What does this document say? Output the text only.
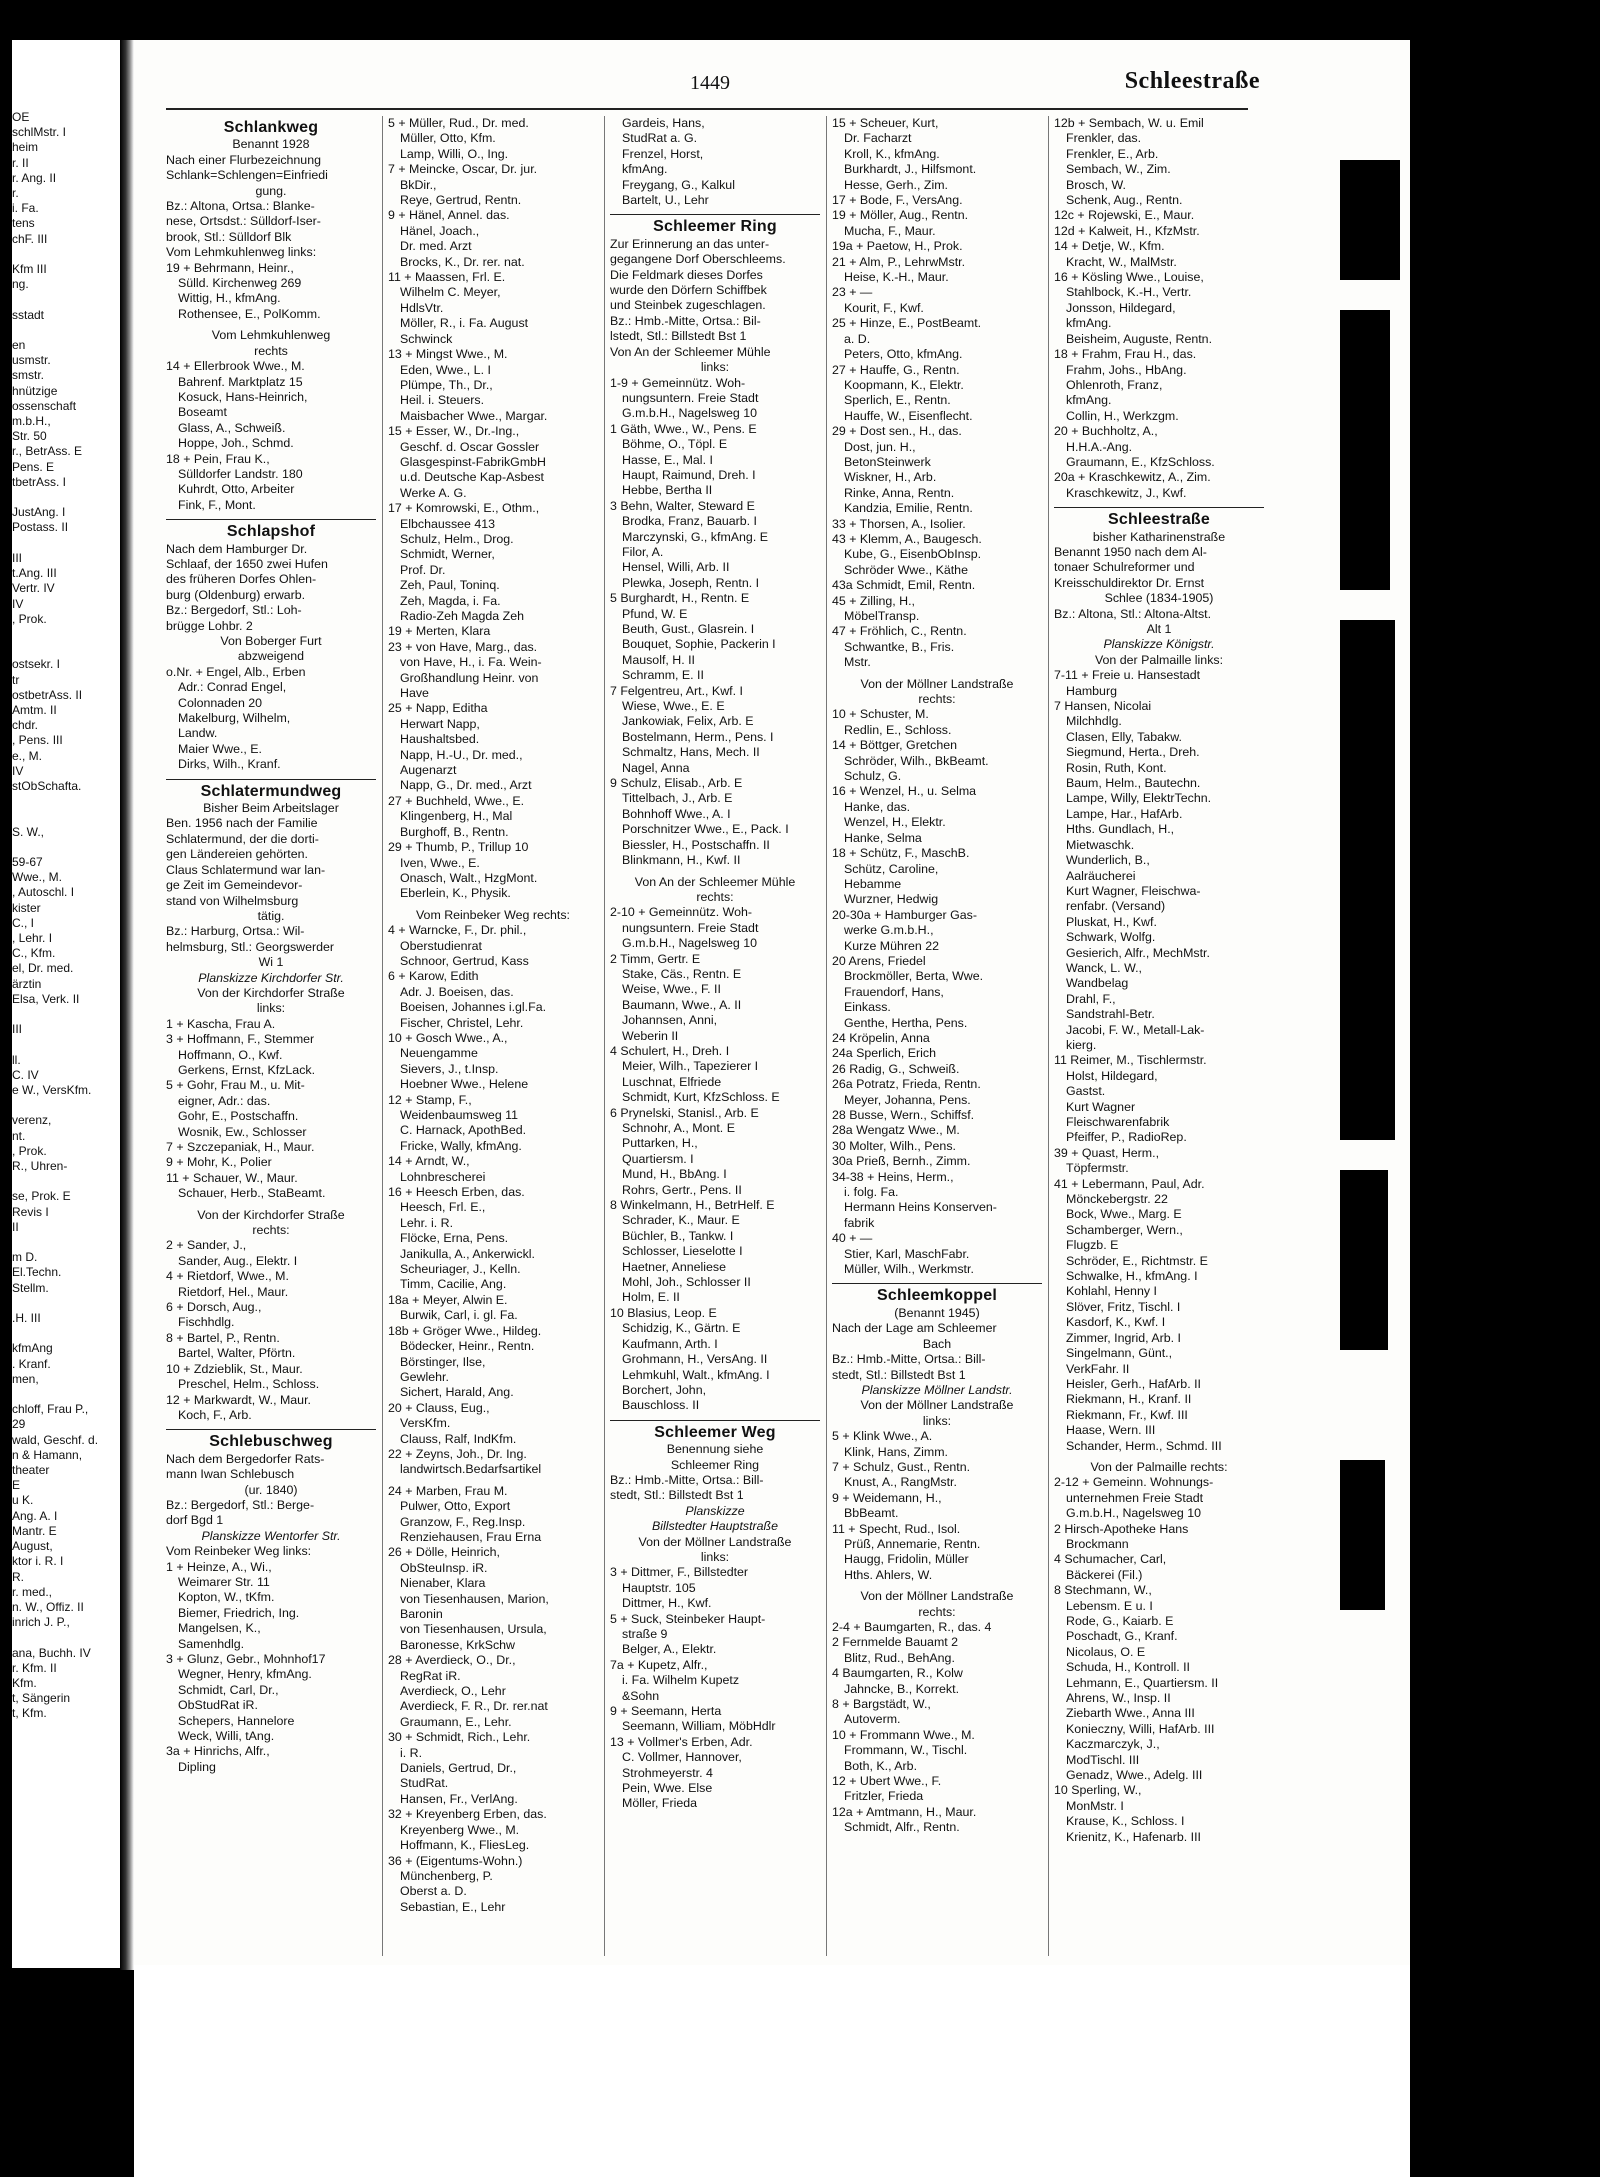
OE
schlMstr. I
heim
r. II
r. Ang. II
r.
i. Fa.
tens
chF. III

Kfm III
ng.

sstadt

en
usmstr.
smstr.
hnützige
ossenschaft
m.b.H.,
Str. 50
r., BetrAss. E
Pens. E
tbetrAss. I

JustAng. I
Postass. II

III
t.Ang. III
Vertr. IV
IV
, Prok.

ostsekr. I
tr
ostbetrAss. II
Amtm. II
chdr.
, Pens. III
e., M.
IV
stObSchafta.

S. W.,

59-67
Wwe., M.
, Autoschl. I
kister
C., I
, Lehr. I
C., Kfm.
el, Dr. med.
ärztin
Elsa, Verk. II

III

ll.
C. IV
e W., VersKfm.

verenz,
nt.
, Prok.
R., Uhren-

se, Prok. E
Revis I
II

m D.
El.Techn.
Stellm.

.H. III

kfmAng
. Kranf.
men,

chloff, Frau P.,
29
wald, Geschf. d.
n & Hamann,
theater
E
u K.
Ang. A. I
Mantr. E
August,
ktor i. R. I
R.
r. med.,
n. W., Offiz. II
inrich J. P.,

ana, Buchh. IV
r. Kfm. II
Kfm.
t, Sängerin
t, Kfm.
1449	Schleestraße
Schlankweg
Benannt 1928
Nach einer Flurbezeichnung
Schlank=Schlengen=Einfriedi
gung.
Bz.: Altona, Ortsa.: Blanke-
nese, Ortsdst.: Sülldorf-Iser-
brook, Stl.: Sülldorf Blk
Vom Lehmkuhlenweg links:
19 + Behrmann, Heinr.,
Sülld. Kirchenweg 269
Wittig, H., kfmAng.
Rothensee, E., PolKomm.
Vom Lehmkuhlenweg
rechts
14 + Ellerbrook Wwe., M.
Bahrenf. Marktplatz 15
Kosuck, Hans-Heinrich,
Boseamt
Glass, A., Schweiß.
Hoppe, Joh., Schmd.
18 + Pein, Frau K.,
Sülldorfer Landstr. 180
Kuhrdt, Otto, Arbeiter
Fink, F., Mont.
Schlapshof
Nach dem Hamburger Dr.
Schlaaf, der 1650 zwei Hufen
des früheren Dorfes Ohlen-
burg (Oldenburg) erwarb.
Bz.: Bergedorf, Stl.: Loh-
brügge Lohbr. 2
Von Boberger Furt
abzweigend
o.Nr. + Engel, Alb., Erben
Adr.: Conrad Engel,
Colonnaden 20
Makelburg, Wilhelm,
Landw.
Maier Wwe., E.
Dirks, Wilh., Kranf.
Schlatermundweg
Bisher Beim Arbeitslager
Ben. 1956 nach der Familie
Schlatermund, der die dorti-
gen Ländereien gehörten.
Claus Schlatermund war lan-
ge Zeit im Gemeindevor-
stand von Wilhelmsburg
tätig.
Bz.: Harburg, Ortsa.: Wil-
helmsburg, Stl.: Georgswerder
Wi 1
Planskizze Kirchdorfer Str.
Von der Kirchdorfer Straße
links:
1 + Kascha, Frau A.
3 + Hoffmann, F., Stemmer
Hoffmann, O., Kwf.
Gerkens, Ernst, KfzLack.
5 + Gohr, Frau M., u. Mit-
eigner, Adr.: das.
Gohr, E., Postschaffn.
Wosnik, Ew., Schlosser
7 + Szczepaniak, H., Maur.
9 + Mohr, K., Polier
11 + Schauer, W., Maur.
Schauer, Herb., StaBeamt.
Von der Kirchdorfer Straße
rechts:
2 + Sander, J.,
Sander, Aug., Elektr. I
4 + Rietdorf, Wwe., M.
Rietdorf, Hel., Maur.
6 + Dorsch, Aug.,
Fischhdlg.
8 + Bartel, P., Rentn.
Bartel, Walter, Pförtn.
10 + Zdzieblik, St., Maur.
Preschel, Helm., Schloss.
12 + Markwardt, W., Maur.
Koch, F., Arb.
Schlebuschweg
Nach dem Bergedorfer Rats-
mann Iwan Schlebusch
(ur. 1840)
Bz.: Bergedorf, Stl.: Berge-
dorf Bgd 1
Planskizze Wentorfer Str.
Vom Reinbeker Weg links:
1 + Heinze, A., Wi.,
Weimarer Str. 11
Kopton, W., tKfm.
Biemer, Friedrich, Ing.
Mangelsen, K.,
Samenhdlg.
3 + Glunz, Gebr., Mohnhof17
Wegner, Henry, kfmAng.
Schmidt, Carl, Dr.,
ObStudRat iR.
Schepers, Hannelore
Weck, Willi, tAng.
3a + Hinrichs, Alfr.,
Dipling
5 + Müller, Rud., Dr. med.
Müller, Otto, Kfm.
Lamp, Willi, O., Ing.
7 + Meincke, Oscar, Dr. jur.
BkDir.,
Reye, Gertrud, Rentn.
9 + Hänel, Annel. das.
Hänel, Joach.,
Dr. med. Arzt
Brocks, K., Dr. rer. nat.
11 + Maassen, Frl. E.
Wilhelm C. Meyer,
HdlsVtr.
Möller, R., i. Fa. August
Schwinck
13 + Mingst Wwe., M.
Eden, Wwe., L. I
Plümpe, Th., Dr.,
Heil. i. Steuers.
Maisbacher Wwe., Margar.
15 + Esser, W., Dr.-Ing.,
Geschf. d. Oscar Gossler
Glasgespinst-FabrikGmbH
u.d. Deutsche Kap-Asbest
Werke A. G.
17 + Komrowski, E., Othm.,
Elbchaussee 413
Schulz, Helm., Drog.
Schmidt, Werner,
Prof. Dr.
Zeh, Paul, Toninq.
Zeh, Magda, i. Fa.
Radio-Zeh Magda Zeh
19 + Merten, Klara
23 + von Have, Marg., das.
von Have, H., i. Fa. Wein-
Großhandlung Heinr. von
Have
25 + Napp, Editha
Herwart Napp,
Haushaltsbed.
Napp, H.-U., Dr. med.,
Augenarzt
Napp, G., Dr. med., Arzt
27 + Buchheld, Wwe., E.
Klingenberg, H., Mal
Burghoff, B., Rentn.
29 + Thumb, P., Trillup 10
Iven, Wwe., E.
Onasch, Walt., HzgMont.
Eberlein, K., Physik.
Vom Reinbeker Weg rechts:
4 + Warncke, F., Dr. phil.,
Oberstudienrat
Schnoor, Gertrud, Kass
6 + Karow, Edith
Adr. J. Boeisen, das.
Boeisen, Johannes i.gl.Fa.
Fischer, Christel, Lehr.
10 + Gosch Wwe., A.,
Neuengamme
Sievers, J., t.Insp.
Hoebner Wwe., Helene
12 + Stamp, F.,
Weidenbaumsweg 11
C. Harnack, ApothBed.
Fricke, Wally, kfmAng.
14 + Arndt, W.,
Lohnbrescherei
16 + Heesch Erben, das.
Heesch, Frl. E.,
Lehr. i. R.
Flöcke, Erna, Pens.
Janikulla, A., Ankerwickl.
Scheuriager, J., Kelln.
Timm, Cacilie, Ang.
18a + Meyer, Alwin E.
Burwik, Carl, i. gl. Fa.
18b + Gröger Wwe., Hildeg.
Bödecker, Heinr., Rentn.
Börstinger, Ilse,
Gewlehr.
Sichert, Harald, Ang.
20 + Clauss, Eug.,
VersKfm.
Clauss, Ralf, IndKfm.
22 + Zeyns, Joh., Dr. Ing.
landwirtsch.Bedarfsartikel
24 + Marben, Frau M.
Pulwer, Otto, Export
Granzow, F., Reg.Insp.
Renziehausen, Frau Erna
26 + Dölle, Heinrich,
ObSteuInsp. iR.
Nienaber, Klara
von Tiesenhausen, Marion,
Baronin
von Tiesenhausen, Ursula,
Baronesse, KrkSchw
28 + Averdieck, O., Dr.,
RegRat iR.
Averdieck, O., Lehr
Averdieck, F. R., Dr. rer.nat
Graumann, E., Lehr.
30 + Schmidt, Rich., Lehr.
i. R.
Daniels, Gertrud, Dr.,
StudRat.
Hansen, Fr., VerlAng.
32 + Kreyenberg Erben, das.
Kreyenberg Wwe., M.
Hoffmann, K., FliesLeg.
36 + (Eigentums-Wohn.)
Münchenberg, P.
Oberst a. D.
Sebastian, E., Lehr
Gardeis, Hans,
StudRat a. G.
Frenzel, Horst,
kfmAng.
Freygang, G., Kalkul
Bartelt, U., Lehr
Schleemer Ring
Zur Erinnerung an das unter-
gegangene Dorf Oberschleems.
Die Feldmark dieses Dorfes
wurde den Dörfern Schiffbek
und Steinbek zugeschlagen.
Bz.: Hmb.-Mitte, Ortsa.: Bil-
lstedt, Stl.: Billstedt Bst 1
Von An der Schleemer Mühle
links:
1-9 + Gemeinnütz. Woh-
nungsuntern. Freie Stadt
G.m.b.H., Nagelsweg 10
1 Gäth, Wwe., W., Pens. E
Böhme, O., Töpl. E
Hasse, E., Mal. I
Haupt, Raimund, Dreh. I
Hebbe, Bertha II
3 Behn, Walter, Steward E
Brodka, Franz, Bauarb. I
Marczynski, G., kfmAng. E
Filor, A.
Hensel, Willi, Arb. II
Plewka, Joseph, Rentn. I
5 Burghardt, H., Rentn. E
Pfund, W. E
Beuth, Gust., Glasrein. I
Bouquet, Sophie, Packerin I
Mausolf, H. II
Schramm, E. II
7 Felgentreu, Art., Kwf. I
Wiese, Wwe., E. E
Jankowiak, Felix, Arb. E
Bostelmann, Herm., Pens. I
Schmaltz, Hans, Mech. II
Nagel, Anna
9 Schulz, Elisab., Arb. E
Tittelbach, J., Arb. E
Bohnhoff Wwe., A. I
Porschnitzer Wwe., E., Pack. I
Biessler, H., Postschaffn. II
Blinkmann, H., Kwf. II
Von An der Schleemer Mühle
rechts:
2-10 + Gemeinnütz. Woh-
nungsuntern. Freie Stadt
G.m.b.H., Nagelsweg 10
2 Timm, Gertr. E
Stake, Cäs., Rentn. E
Weise, Wwe., F. II
Baumann, Wwe., A. II
Johannsen, Anni,
Weberin II
4 Schulert, H., Dreh. I
Meier, Wilh., Tapezierer I
Luschnat, Elfriede
Schmidt, Kurt, KfzSchloss. E
6 Prynelski, Stanisl., Arb. E
Schnohr, A., Mont. E
Puttarken, H.,
Quartiersm. I
Mund, H., BbAng. I
Rohrs, Gertr., Pens. II
8 Winkelmann, H., BetrHelf. E
Schrader, K., Maur. E
Büchler, B., Tankw. I
Schlosser, Lieselotte I
Haetner, Anneliese
Mohl, Joh., Schlosser II
Holm, E. II
10 Blasius, Leop. E
Schidzig, K., Gärtn. E
Kaufmann, Arth. I
Grohmann, H., VersAng. II
Lehmkuhl, Walt., kfmAng. I
Borchert, John,
Bauschloss. II
Schleemer Weg
Benennung siehe
Schleemer Ring
Bz.: Hmb.-Mitte, Ortsa.: Bill-
stedt, Stl.: Billstedt Bst 1
Planskizze
Billstedter Hauptstraße
Von der Möllner Landstraße
links:
3 + Dittmer, F., Billstedter
Hauptstr. 105
Dittmer, H., Kwf.
5 + Suck, Steinbeker Haupt-
straße 9
Belger, A., Elektr.
7a + Kupetz, Alfr.,
i. Fa. Wilhelm Kupetz
&Sohn
9 + Seemann, Herta
Seemann, William, MöbHdlr
13 + Vollmer's Erben, Adr.
C. Vollmer, Hannover,
Strohmeyerstr. 4
Pein, Wwe. Else
Möller, Frieda
15 + Scheuer, Kurt,
Dr. Facharzt
Kroll, K., kfmAng.
Burkhardt, J., Hilfsmont.
Hesse, Gerh., Zim.
17 + Bode, F., VersAng.
19 + Möller, Aug., Rentn.
Mucha, F., Maur.
19a + Paetow, H., Prok.
21 + Alm, P., LehrwMstr.
Heise, K.-H., Maur.
23 + —
Kourit, F., Kwf.
25 + Hinze, E., PostBeamt.
a. D.
Peters, Otto, kfmAng.
27 + Hauffe, G., Rentn.
Koopmann, K., Elektr.
Sperlich, E., Rentn.
Hauffe, W., Eisenflecht.
29 + Dost sen., H., das.
Dost, jun. H.,
BetonSteinwerk
Wiskner, H., Arb.
Rinke, Anna, Rentn.
Kandzia, Emilie, Rentn.
33 + Thorsen, A., Isolier.
43 + Klemm, A., Baugesch.
Kube, G., EisenbObInsp.
Schröder Wwe., Käthe
43a Schmidt, Emil, Rentn.
45 + Zilling, H.,
MöbelTransp.
47 + Fröhlich, C., Rentn.
Schwantke, B., Fris.
Mstr.
Von der Möllner Landstraße
rechts:
10 + Schuster, M.
Redlin, E., Schloss.
14 + Böttger, Gretchen
Schröder, Wilh., BkBeamt.
Schulz, G.
16 + Wenzel, H., u. Selma
Hanke, das.
Wenzel, H., Elektr.
Hanke, Selma
18 + Schütz, F., MaschB.
Schütz, Caroline,
Hebamme
Wurzner, Hedwig
20-30a + Hamburger Gas-
werke G.m.b.H.,
Kurze Mühren 22
20 Arens, Friedel
Brockmöller, Berta, Wwe.
Frauendorf, Hans,
Einkass.
Genthe, Hertha, Pens.
24 Kröpelin, Anna
24a Sperlich, Erich
26 Radig, G., Schweiß.
26a Potratz, Frieda, Rentn.
Meyer, Johanna, Pens.
28 Busse, Wern., Schiffsf.
28a Wengatz Wwe., M.
30 Molter, Wilh., Pens.
30a Prieß, Bernh., Zimm.
34-38 + Heins, Herm.,
i. folg. Fa.
Hermann Heins Konserven-
fabrik
40 + —
Stier, Karl, MaschFabr.
Müller, Wilh., Werkmstr.
Schleemkoppel
(Benannt 1945)
Nach der Lage am Schleemer
Bach
Bz.: Hmb.-Mitte, Ortsa.: Bill-
stedt, Stl.: Billstedt Bst 1
Planskizze Möllner Landstr.
Von der Möllner Landstraße
links:
5 + Klink Wwe., A.
Klink, Hans, Zimm.
7 + Schulz, Gust., Rentn.
Knust, A., RangMstr.
9 + Weidemann, H.,
BbBeamt.
11 + Specht, Rud., Isol.
Prüß, Annemarie, Rentn.
Haugg, Fridolin, Müller
Hths. Ahlers, W.
Von der Möllner Landstraße
rechts:
2-4 + Baumgarten, R., das. 4
2 Fernmelde Bauamt 2
Blitz, Rud., BehAng.
4 Baumgarten, R., Kolw
Jahncke, B., Korrekt.
8 + Bargstädt, W.,
Autoverm.
10 + Frommann Wwe., M.
Frommann, W., Tischl.
Both, K., Arb.
12 + Ubert Wwe., F.
Fritzler, Frieda
12a + Amtmann, H., Maur.
Schmidt, Alfr., Rentn.
12b + Sembach, W. u. Emil
Frenkler, das.
Frenkler, E., Arb.
Sembach, W., Zim.
Brosch, W.
Schenk, Aug., Rentn.
12c + Rojewski, E., Maur.
12d + Kalweit, H., KfzMstr.
14 + Detje, W., Kfm.
Kracht, W., MalMstr.
16 + Kösling Wwe., Louise,
Stahlbock, K.-H., Vertr.
Jonsson, Hildegard,
kfmAng.
Beisheim, Auguste, Rentn.
18 + Frahm, Frau H., das.
Frahm, Johs., HbAng.
Ohlenroth, Franz,
kfmAng.
Collin, H., Werkzgm.
20 + Buchholtz, A.,
H.H.A.-Ang.
Graumann, E., KfzSchloss.
20a + Kraschkewitz, A., Zim.
Kraschkewitz, J., Kwf.
Schleestraße
bisher Katharinenstraße
Benannt 1950 nach dem Al-
tonaer Schulreformer und
Kreisschuldirektor Dr. Ernst
Schlee (1834-1905)
Bz.: Altona, Stl.: Altona-Altst.
Alt 1
Planskizze Königstr.
Von der Palmaille links:
7-11 + Freie u. Hansestadt
Hamburg
7 Hansen, Nicolai
Milchhdlg.
Clasen, Elly, Tabakw.
Siegmund, Herta., Dreh.
Rosin, Ruth, Kont.
Baum, Helm., Bautechn.
Lampe, Willy, ElektrTechn.
Lampe, Har., HafArb.
Hths. Gundlach, H.,
Mietwaschk.
Wunderlich, B.,
Aalräucherei
Kurt Wagner, Fleischwa-
renfabr. (Versand)
Pluskat, H., Kwf.
Schwark, Wolfg.
Gesierich, Alfr., MechMstr.
Wanck, L. W.,
Wandbelag
Drahl, F.,
Sandstrahl-Betr.
Jacobi, F. W., Metall-Lak-
kierg.
11 Reimer, M., Tischlermstr.
Holst, Hildegard,
Gastst.
Kurt Wagner
Fleischwarenfabrik
Pfeiffer, P., RadioRep.
39 + Quast, Herm.,
Töpfermstr.
41 + Lebermann, Paul, Adr.
Mönckebergstr. 22
Bock, Wwe., Marg. E
Schamberger, Wern.,
Flugzb. E
Schröder, E., Richtmstr. E
Schwalke, H., kfmAng. I
Kohlahl, Henny I
Slöver, Fritz, Tischl. I
Kasdorf, K., Kwf. I
Zimmer, Ingrid, Arb. I
Singelmann, Günt.,
VerkFahr. II
Heisler, Gerh., HafArb. II
Riekmann, H., Kranf. II
Riekmann, Fr., Kwf. III
Haase, Wern. III
Schander, Herm., Schmd. III
Von der Palmaille rechts:
2-12 + Gemeinn. Wohnungs-
unternehmen Freie Stadt
G.m.b.H., Nagelsweg 10
2 Hirsch-Apotheke Hans
Brockmann
4 Schumacher, Carl,
Bäckerei (Fil.)
8 Stechmann, W.,
Lebensm. E u. I
Rode, G., Kaiarb. E
Poschadt, G., Kranf.
Nicolaus, O. E
Schuda, H., Kontroll. II
Lehmann, E., Quartiersm. II
Ahrens, W., Insp. II
Ziebarth Wwe., Anna III
Konieczny, Willi, HafArb. III
Kaczmarczyk, J.,
ModTischl. III
Genadz, Wwe., Adelg. III
10 Sperling, W.,
MonMstr. I
Krause, K., Schloss. I
Krienitz, K., Hafenarb. III
